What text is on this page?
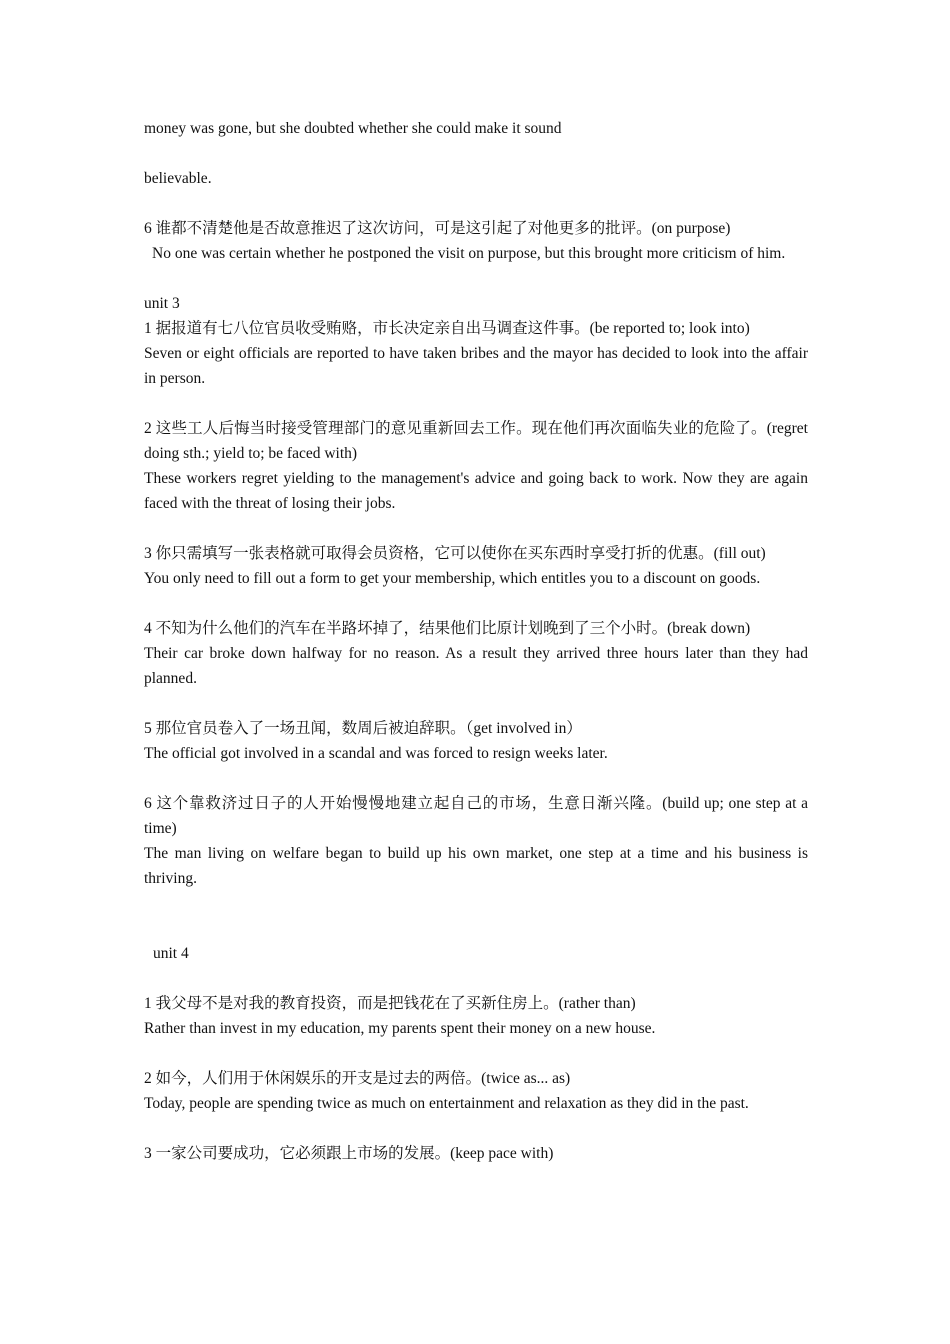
money was gone, but she doubted whether she could make it sound
believable.
6 谁都不清楚他是否故意推迟了这次访问，可是这引起了对他更多的批评。(on purpose)
No one was certain whether he postponed the visit on purpose, but this brought more criticism of him.
unit 3
1 据报道有七八位官员收受贿赂，市长决定亲自出马调查这件事。(be reported to; look into)
Seven or eight officials are reported to have taken bribes and the mayor has decided to look into the affair in person.
2 这些工人后悔当时接受管理部门的意见重新回去工作。现在他们再次面临失业的危险了。(regret doing sth.; yield to; be faced with)
These workers regret yielding to the management's advice and going back to work. Now they are again faced with the threat of losing their jobs.
3 你只需填写一张表格就可取得会员资格，它可以使你在买东西时享受打折的优惠。(fill out)
You only need to fill out a form to get your membership, which entitles you to a discount on goods.
4 不知为什么他们的汽车在半路坏掉了，结果他们比原计划晚到了三个小时。(break down)
Their car broke down halfway for no reason. As a result they arrived three hours later than they had planned.
5 那位官员卷入了一场丑闻，数周后被迫辞职。（get involved in）
The official got involved in a scandal and was forced to resign weeks later.
6 这个靠救济过日子的人开始慢慢地建立起自己的市场，生意日渐兴隆。(build up; one step at a time)
The man living on welfare began to build up his own market, one step at a time and his business is thriving.
unit 4
1 我父母不是对我的教育投资，而是把钱花在了买新住房上。(rather than)
Rather than invest in my education, my parents spent their money on a new house.
2 如今，人们用于休闲娱乐的开支是过去的两倍。(twice as... as)
Today, people are spending twice as much on entertainment and relaxation as they did in the past.
3 一家公司要成功，它必须跟上市场的发展。(keep pace with)
